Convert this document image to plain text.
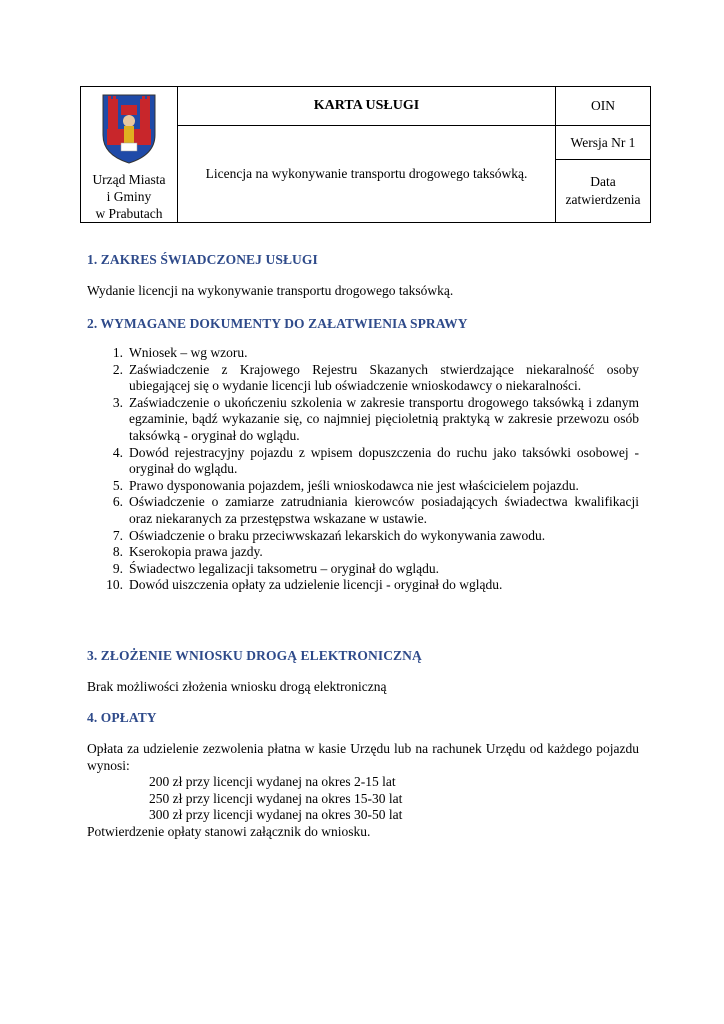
Urząd Miasta
i Gminy
w Prabutach	KARTA USŁUGI	OIN
	Licencja na wykonywanie transportu drogowego taksówką.	Wersja Nr 1
		Data
zatwierdzenia
1. ZAKRES ŚWIADCZONEJ USŁUGI
Wydanie licencji na wykonywanie transportu drogowego taksówką.
2. WYMAGANE DOKUMENTY DO ZAŁATWIENIA SPRAWY
1. Wniosek – wg wzoru.
2. Zaświadczenie z Krajowego Rejestru Skazanych stwierdzające niekaralność osoby ubiegającej się o wydanie licencji lub oświadczenie wnioskodawcy o niekaralności.
3. Zaświadczenie o ukończeniu szkolenia w zakresie transportu drogowego taksówką i zdanym egzaminie, bądź wykazanie się, co najmniej pięcioletnią praktyką w zakresie przewozu osób taksówką - oryginał do wglądu.
4. Dowód rejestracyjny pojazdu z wpisem dopuszczenia do ruchu jako taksówki osobowej - oryginał do wglądu.
5. Prawo dysponowania pojazdem, jeśli wnioskodawca nie jest właścicielem pojazdu.
6. Oświadczenie o zamiarze zatrudniania kierowców posiadających świadectwa kwalifikacji oraz niekaranych za przestępstwa wskazane w ustawie.
7. Oświadczenie o braku przeciwwskazań lekarskich do wykonywania zawodu.
8. Kserokopia prawa jazdy.
9. Świadectwo legalizacji taksometru – oryginał do wglądu.
10. Dowód uiszczenia opłaty za udzielenie licencji - oryginał do wglądu.
3. ZŁOŻENIE WNIOSKU DROGĄ ELEKTRONICZNĄ
Brak możliwości złożenia wniosku drogą elektroniczną
4. OPŁATY
Opłata za udzielenie zezwolenia płatna w kasie Urzędu lub na rachunek Urzędu od każdego pojazdu wynosi:
200 zł przy licencji wydanej na okres 2-15 lat
250 zł przy licencji wydanej na okres 15-30 lat
300 zł przy licencji wydanej na okres 30-50 lat
Potwierdzenie opłaty stanowi załącznik do wniosku.
